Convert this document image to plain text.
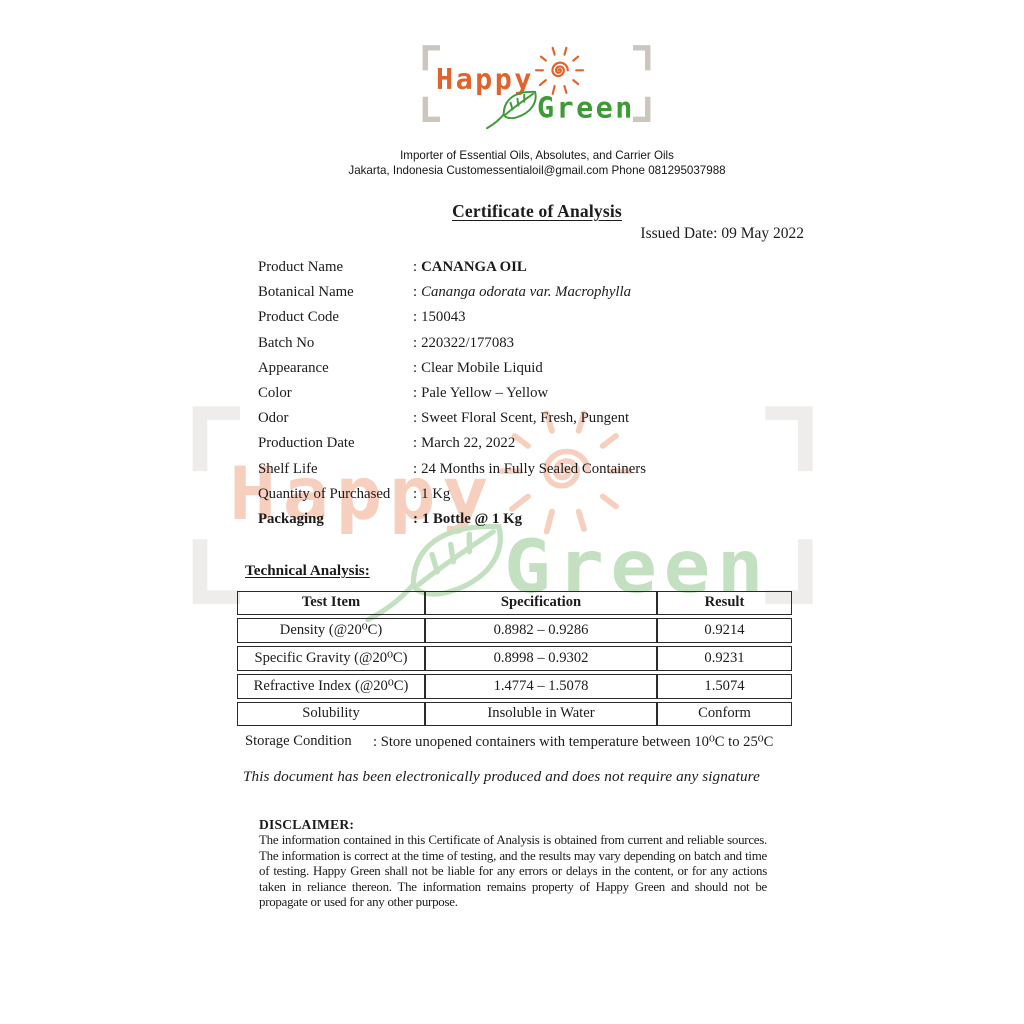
Importer of Essential Oils, Absolutes, and Carrier Oils
Jakarta, Indonesia Customessentialoil@gmail.com Phone 081295037988
Certificate of Analysis
Issued Date: 09 May 2022
Product Name	: CANANGA OIL
Botanical Name	: Cananga odorata var. Macrophylla
Product Code	: 150043
Batch No	: 220322/177083
Appearance	: Clear Mobile Liquid
Color	: Pale Yellow – Yellow
Odor	: Sweet Floral Scent, Fresh, Pungent
Production Date	: March 22, 2022
Shelf Life	: 24 Months in Fully Sealed Containers
Quantity of Purchased	: 1 Kg
Packaging	: 1 Bottle @ 1 Kg
Technical Analysis:
Test Item	Specification	Result
Density (@20⁰C)	0.8982 – 0.9286	0.9214
Specific Gravity (@20⁰C)	0.8998 – 0.9302	0.9231
Refractive Index (@20⁰C)	1.4774 – 1.5078	1.5074
Solubility	Insoluble in Water	Conform
Storage Condition	: Store unopened containers with temperature between 10⁰C to 25⁰C
This document has been electronically produced and does not require any signature
DISCLAIMER:
The information contained in this Certificate of Analysis is obtained from current and reliable sources. The information is correct at the time of testing, and the results may vary depending on batch and time of testing. Happy Green shall not be liable for any errors or delays in the content, or for any actions taken in reliance thereon. The information remains property of Happy Green and should not be propagate or used for any other purpose.
